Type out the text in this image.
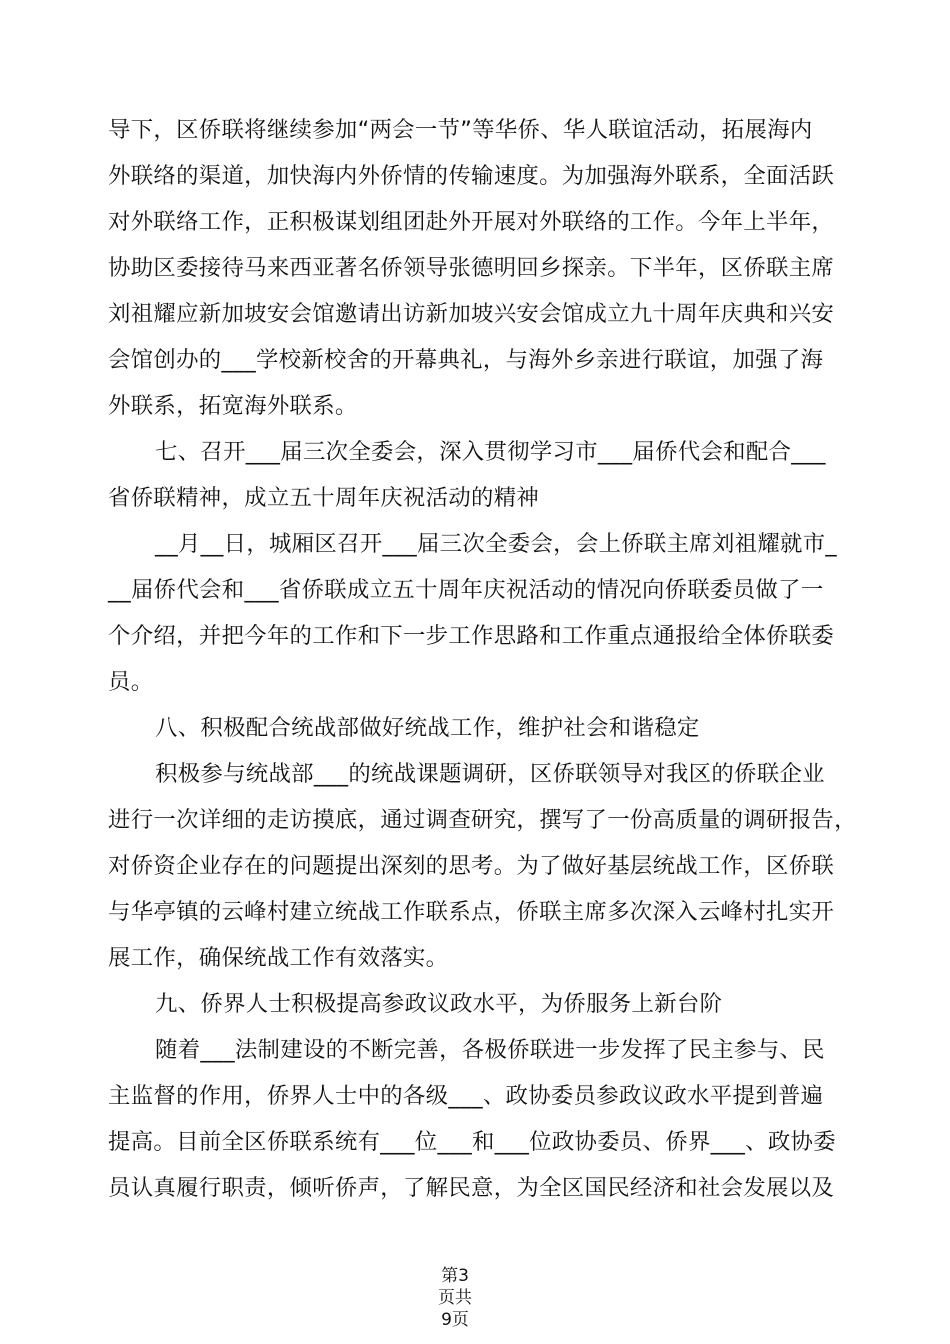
导下，区侨联将继续参加“两会一节”等华侨、华人联谊活动，拓展海内
外联络的渠道，加快海内外侨情的传输速度。为加强海外联系，全面活跃
对外联络工作，正积极谋划组团赴外开展对外联络的工作。今年上半年，
协助区委接待马来西亚著名侨领导张德明回乡探亲。下半年，区侨联主席
刘祖耀应新加坡安会馆邀请出访新加坡兴安会馆成立九十周年庆典和兴安
会馆创办的___学校新校舍的开幕典礼，与海外乡亲进行联谊，加强了海
外联系，拓宽海外联系。
七、召开___届三次全委会，深入贯彻学习市___届侨代会和配合___
省侨联精神，成立五十周年庆祝活动的精神
__月__日，城厢区召开___届三次全委会，会上侨联主席刘祖耀就市_
__届侨代会和___省侨联成立五十周年庆祝活动的情况向侨联委员做了一
个介绍，并把今年的工作和下一步工作思路和工作重点通报给全体侨联委
员。
八、积极配合统战部做好统战工作，维护社会和谐稳定
积极参与统战部___的统战课题调研，区侨联领导对我区的侨联企业
进行一次详细的走访摸底，通过调查研究，撰写了一份高质量的调研报告，
对侨资企业存在的问题提出深刻的思考。为了做好基层统战工作，区侨联
与华亭镇的云峰村建立统战工作联系点，侨联主席多次深入云峰村扎实开
展工作，确保统战工作有效落实。
九、侨界人士积极提高参政议政水平，为侨服务上新台阶
随着___法制建设的不断完善，各极侨联进一步发挥了民主参与、民
主监督的作用，侨界人士中的各级___、政协委员参政议政水平提到普遍
提高。目前全区侨联系统有___位___和___位政协委员、侨界___、政协委
员认真履行职责，倾听侨声，了解民意，为全区国民经济和社会发展以及
第3
页共
9页
